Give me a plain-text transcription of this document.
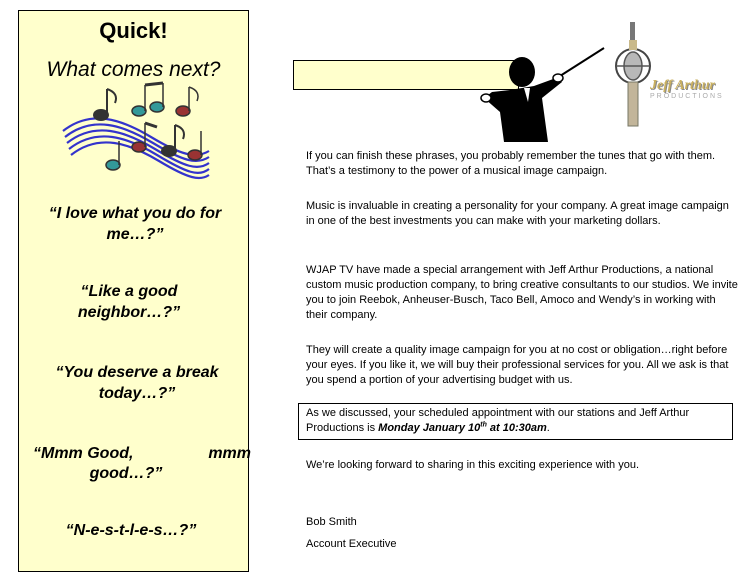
Quick!
What comes next?
“I love what you do for me…?”
“Like a good neighbor…?”
“You deserve a break today…?”
“Mmm Good,	mmm
good…?”
“N-e-s-t-l-e-s…?”
Jeff Arthur
PRODUCTIONS
If you can finish these phrases, you probably remember the tunes that go with them. That’s a testimony to the power of a musical image campaign.
Music is invaluable in creating a personality for your company. A great image campaign in one of the best investments you can make with your marketing dollars.
WJAP TV have made a special arrangement with Jeff Arthur Productions, a national custom music production company, to bring creative consultants to our studios. We invite you to join Reebok, Anheuser-Busch, Taco Bell, Amoco and Wendy’s in working with their company.
They will create a quality image campaign for you at no cost or obligation…right before your eyes. If you like it, we will buy their professional services for you. All we ask is that you spend a portion of your advertising budget with us.
As we discussed, your scheduled appointment with our stations and Jeff Arthur Productions is Monday January 10th at 10:30am.
We’re looking forward to sharing in this exciting experience with you.
Bob Smith
Account Executive
